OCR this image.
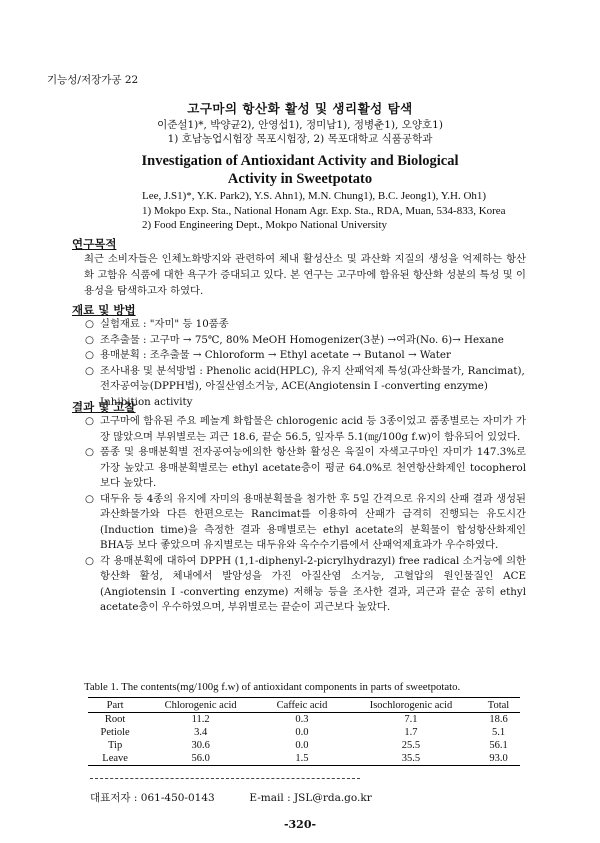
기능성/저장가공 22
고구마의 항산화 활성 및 생리활성 탐색
이준설1)*, 박양균2), 안영섭1), 정미남1), 정병춘1), 오양호1)
1) 호남농업시험장 목포시험장, 2) 목포대학교 식품공학과
Investigation of Antioxidant Activity and Biological
Activity in Sweetpotato
Lee, J.S1)*, Y.K. Park2), Y.S. Ahn1), M.N. Chung1), B.C. Jeong1), Y.H. Oh1)
1) Mokpo Exp. Sta., National Honam Agr. Exp. Sta., RDA, Muan, 534-833, Korea
2) Food Engineering Dept., Mokpo National University
연구목적
최근 소비자들은 인체노화방지와 관련하여 체내 활성산소 및 과산화 지질의 생성을 억제하는 항산화 고함유 식품에 대한 욕구가 증대되고 있다. 본 연구는 고구마에 함유된 항산화 성분의 특성 및 이용성을 탐색하고자 하였다.
재료 및 방법
○ 실험재료 : "자미" 등 10품종
○ 조추출물 : 고구마 → 75℃, 80% MeOH Homogenizer(3분) →여과(No. 6)→ Hexane
○ 용매분획 : 조추출물 → Chloroform → Ethyl acetate → Butanol → Water
○ 조사내용 및 분석방법 : Phenolic acid(HPLC), 유지 산패억제 특성(과산화물가, Rancimat), 전자공여능(DPPH법), 아질산염소거능, ACE(Angiotensin I -converting enzyme) Inhibition activity
결과 및 고찰
○ 고구마에 함유된 주요 페놀계 화합물은 chlorogenic acid 등 3종이었고 품종별로는 자미가 가장 많았으며 부위별로는 괴근 18.6, 끝순 56.5, 잎자루 5.1(㎎/100g f.w)이 함유되어 있었다.
○ 품종 및 용매분획별 전자공여능에의한 항산화 활성은 육질이 자색고구마인 자미가 147.3%로 가장 높았고 용매분획별로는 ethyl acetate층이 평균 64.0%로 천연항산화제인 tocopherol 보다 높았다.
○ 대두유 등 4종의 유지에 자미의 용매분획물을 첨가한 후 5일 간격으로 유지의 산패 결과 생성된 과산화물가와 다른 한편으로는 Rancimat를 이용하여 산패가 급격히 진행되는 유도시간(Induction time)을 측정한 결과 용매별로는 ethyl acetate의 분획물이 합성항산화제인 BHA등 보다 좋았으며 유지별로는 대두유와 옥수수기름에서 산패억제효과가 우수하였다.
○ 각 용매분획에 대하여 DPPH (1,1-diphenyl-2-picrylhydrazyl) free radical 소거능에 의한 항산화 활성, 체내에서 발암성을 가진 아질산염 소거능, 고혈압의 원인물질인 ACE (Angiotensin I -converting enzyme) 저해능 등을 조사한 결과, 괴근과 끝순 공히 ethyl acetate층이 우수하였으며, 부위별로는 끝순이 괴근보다 높았다.
Table 1. The contents(mg/100g f.w) of antioxidant components in parts of sweetpotato.
Part	Chlorogenic acid	Caffeic acid	Isochlorogenic acid	Total
Root	11.2	0.3	7.1	18.6
Petiole	3.4	0.0	1.7	5.1
Tip	30.6	0.0	25.5	56.1
Leave	56.0	1.5	35.5	93.0
대표저자 : 061-450-0143	E-mail : JSL@rda.go.kr
-320-
